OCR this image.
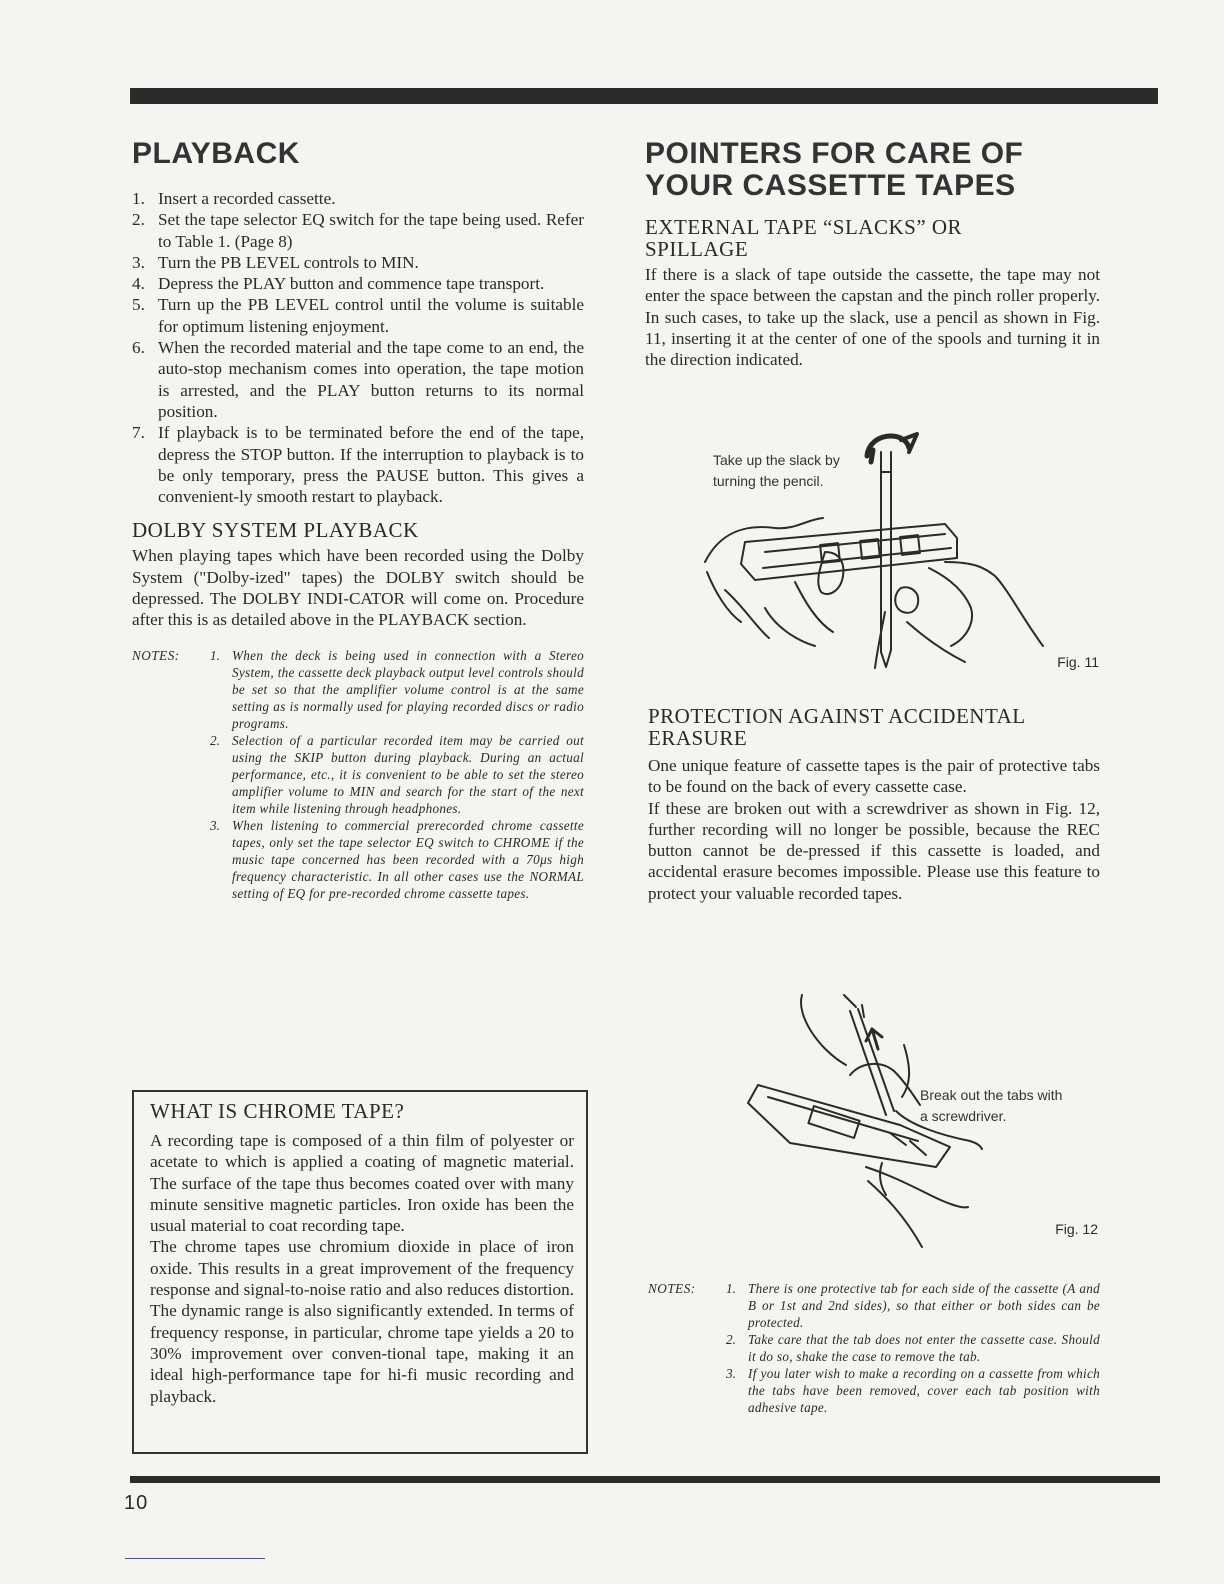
PLAYBACK
1. Insert a recorded cassette.
2. Set the tape selector EQ switch for the tape being used. Refer to Table 1. (Page 8)
3. Turn the PB LEVEL controls to MIN.
4. Depress the PLAY button and commence tape transport.
5. Turn up the PB LEVEL control until the volume is suitable for optimum listening enjoyment.
6. When the recorded material and the tape come to an end, the auto-stop mechanism comes into operation, the tape motion is arrested, and the PLAY button returns to its normal position.
7. If playback is to be terminated before the end of the tape, depress the STOP button. If the interruption to playback is to be only temporary, press the PAUSE button. This gives a convenient-ly smooth restart to playback.
DOLBY SYSTEM PLAYBACK

When playing tapes which have been recorded using the Dolby System ("Dolby-ized" tapes) the DOLBY switch should be depressed. The DOLBY INDI-CATOR will come on. Procedure after this is as detailed above in the PLAYBACK section.

NOTES:	1. When the deck is being used in connection with a Stereo System, the cassette deck playback output level controls should be set so that the amplifier volume control is at the same setting as is normally used for playing recorded discs or radio programs.
2. Selection of a particular recorded item may be carried out using the SKIP button during playback. During an actual performance, etc., it is convenient to be able to set the stereo amplifier volume to MIN and search for the start of the next item while listening through headphones.
3. When listening to commercial prerecorded chrome cassette tapes, only set the tape selector EQ switch to CHROME if the music tape concerned has been recorded with a 70μs high frequency characteristic. In all other cases use the NORMAL setting of EQ for pre-recorded chrome cassette tapes.
WHAT IS CHROME TAPE?

A recording tape is composed of a thin film of polyester or acetate to which is applied a coating of magnetic material. The surface of the tape thus becomes coated over with many minute sensitive magnetic particles. Iron oxide has been the usual material to coat recording tape.

The chrome tapes use chromium dioxide in place of iron oxide. This results in a great improvement of the frequency response and signal-to-noise ratio and also reduces distortion. The dynamic range is also significantly extended. In terms of frequency response, in particular, chrome tape yields a 20 to 30% improvement over conven-tional tape, making it an ideal high-performance tape for hi-fi music recording and playback.

POINTERS FOR CARE OF
YOUR CASSETTE TAPES
EXTERNAL TAPE “SLACKS” OR SPILLAGE

If there is a slack of tape outside the cassette, the tape may not enter the space between the capstan and the pinch roller properly. In such cases, to take up the slack, use a pencil as shown in Fig. 11, inserting it at the center of one of the spools and turning it in the direction indicated.

Take up the slack by
turning the pencil.
Fig. 11
PROTECTION AGAINST ACCIDENTAL ERASURE

One unique feature of cassette tapes is the pair of protective tabs to be found on the back of every cassette case.

If these are broken out with a screwdriver as shown in Fig. 12, further recording will no longer be possible, because the REC button cannot be de-pressed if this cassette is loaded, and accidental erasure becomes impossible. Please use this feature to protect your valuable recorded tapes.

Break out the tabs with
a screwdriver.
Fig. 12
NOTES:	1. There is one protective tab for each side of the cassette (A and B or 1st and 2nd sides), so that either or both sides can be protected.
2. Take care that the tab does not enter the cassette case. Should it do so, shake the case to remove the tab.
3. If you later wish to make a recording on a cassette from which the tabs have been removed, cover each tab position with adhesive tape.
10
